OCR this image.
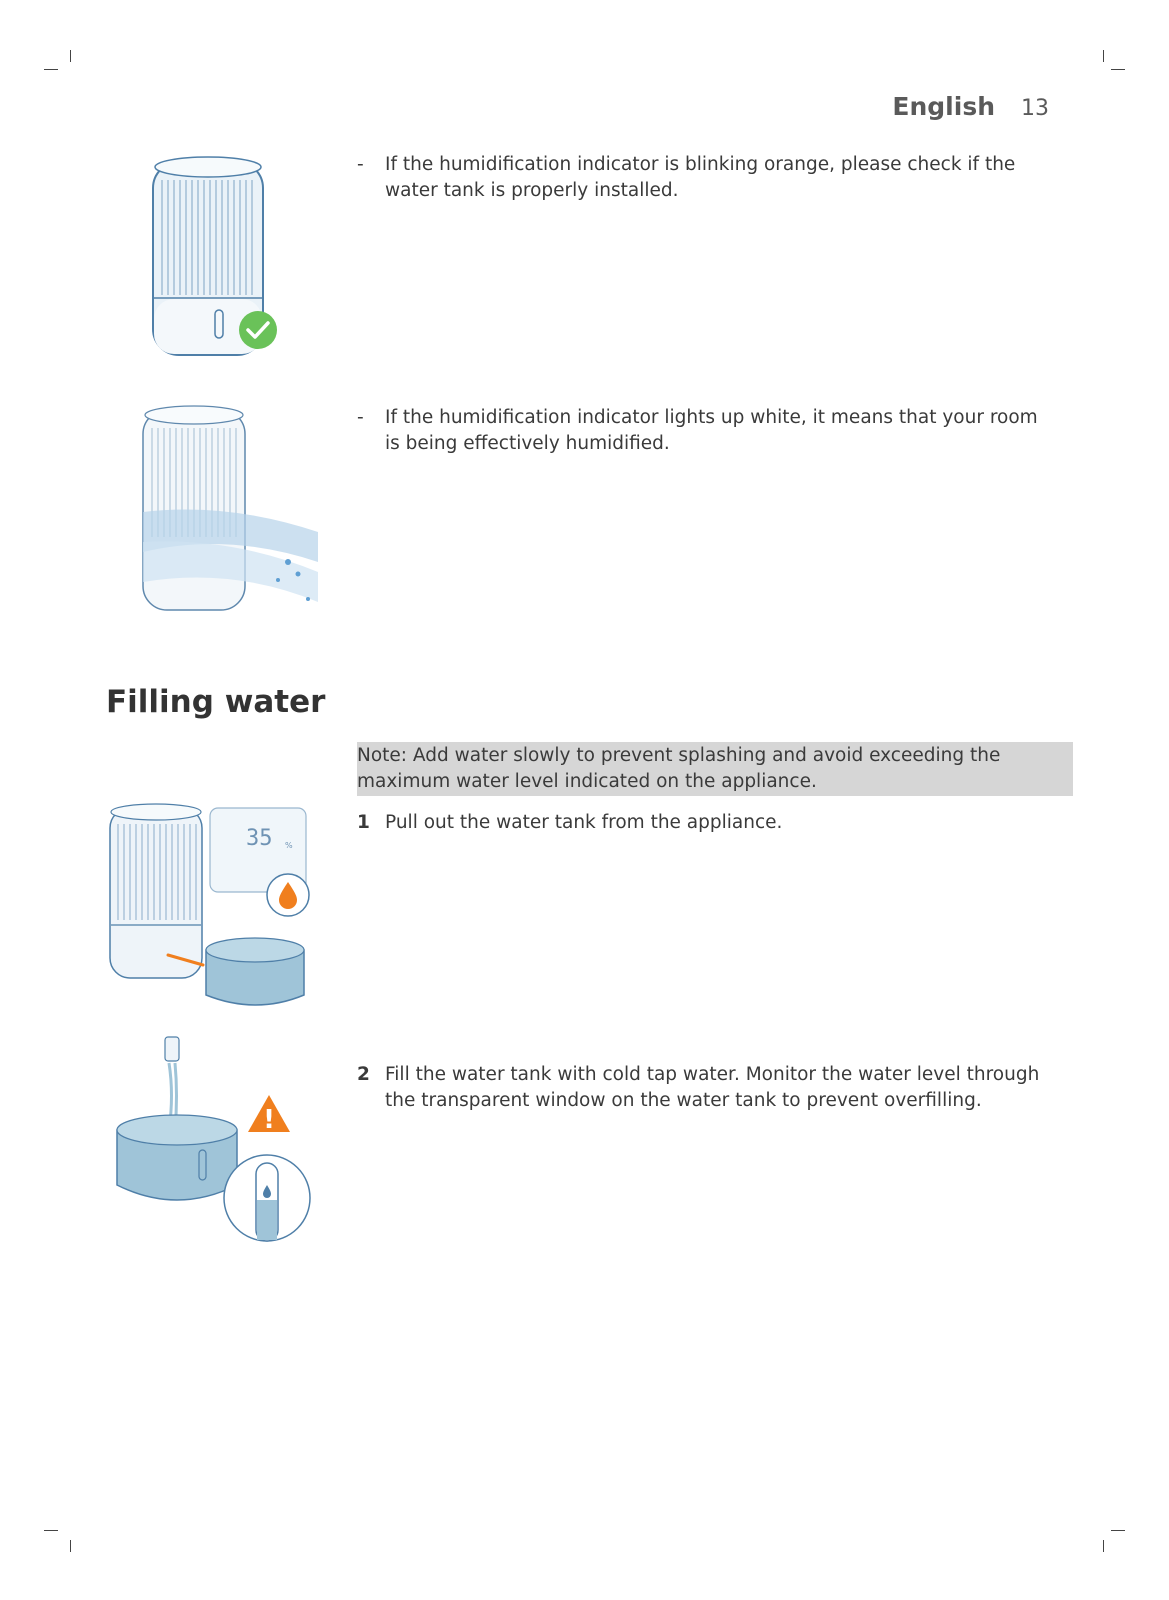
English 13
-	If the humidification indicator is blinking orange, please check if the water tank is properly installed.
-	If the humidification indicator lights up white, it means that your room is being effectively humidified.
Filling water
Note: Add water slowly to prevent splashing and avoid exceeding the maximum water level indicated on the appliance.
1 Pull out the water tank from the appliance.
2 Fill the water tank with cold tap water. Monitor the water level through the transparent window on the water tank to prevent overfilling.
35 %
!
